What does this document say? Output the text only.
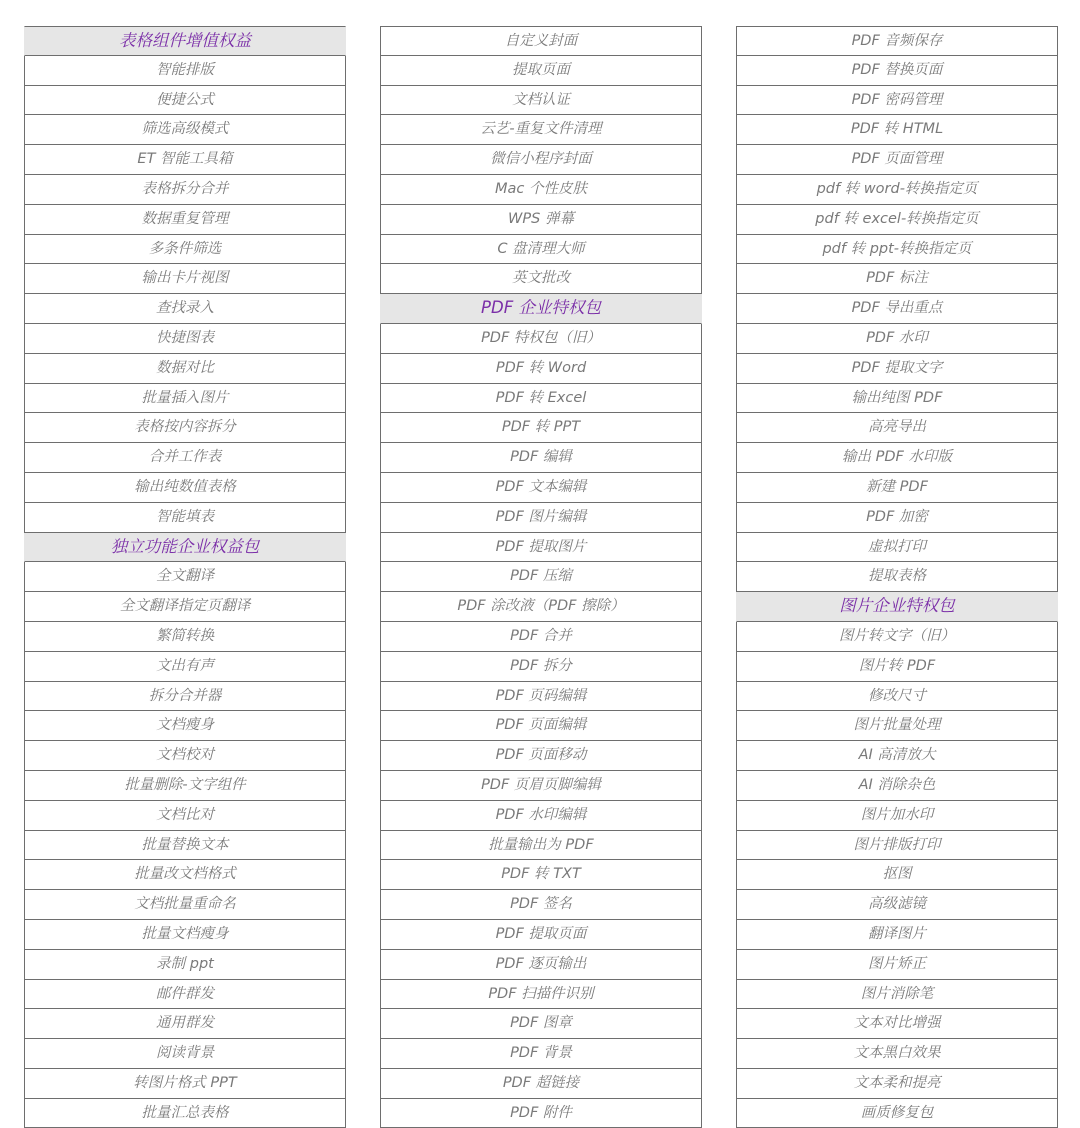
表格组件增值权益
智能排版
便捷公式
筛选高级模式
ET 智能工具箱
表格拆分合并
数据重复管理
多条件筛选
输出卡片视图
查找录入
快捷图表
数据对比
批量插入图片
表格按内容拆分
合并工作表
输出纯数值表格
智能填表
独立功能企业权益包
全文翻译
全文翻译指定页翻译
繁简转换
文出有声
拆分合并器
文档瘦身
文档校对
批量删除-文字组件
文档比对
批量替换文本
批量改文档格式
文档批量重命名
批量文档瘦身
录制 ppt
邮件群发
通用群发
阅读背景
转图片格式 PPT
批量汇总表格
自定义封面
提取页面
文档认证
云艺-重复文件清理
微信小程序封面
Mac 个性皮肤
WPS 弹幕
C 盘清理大师
英文批改
PDF 企业特权包
PDF 特权包（旧）
PDF 转 Word
PDF 转 Excel
PDF 转 PPT
PDF 编辑
PDF 文本编辑
PDF 图片编辑
PDF 提取图片
PDF 压缩
PDF 涂改液（PDF 擦除）
PDF 合并
PDF 拆分
PDF 页码编辑
PDF 页面编辑
PDF 页面移动
PDF 页眉页脚编辑
PDF 水印编辑
批量输出为 PDF
PDF 转 TXT
PDF 签名
PDF 提取页面
PDF 逐页输出
PDF 扫描件识别
PDF 图章
PDF 背景
PDF 超链接
PDF 附件
PDF 音频保存
PDF 替换页面
PDF 密码管理
PDF 转 HTML
PDF 页面管理
pdf 转 word-转换指定页
pdf 转 excel-转换指定页
pdf 转 ppt-转换指定页
PDF 标注
PDF 导出重点
PDF 水印
PDF 提取文字
输出纯图 PDF
高亮导出
输出 PDF 水印版
新建 PDF
PDF 加密
虚拟打印
提取表格
图片企业特权包
图片转文字（旧）
图片转 PDF
修改尺寸
图片批量处理
AI 高清放大
AI 消除杂色
图片加水印
图片排版打印
抠图
高级滤镜
翻译图片
图片矫正
图片消除笔
文本对比增强
文本黑白效果
文本柔和提亮
画质修复包
